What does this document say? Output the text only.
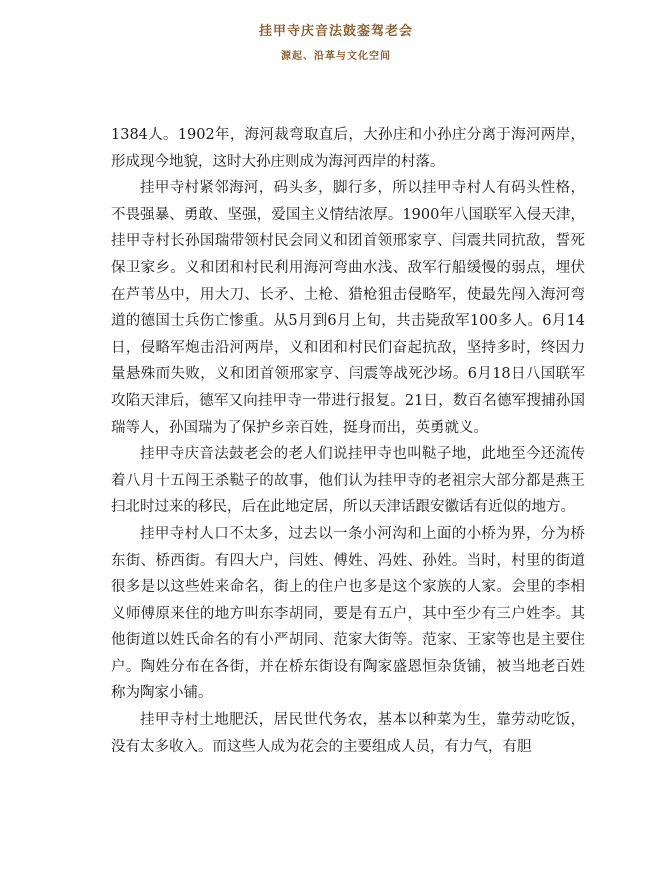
挂甲寺庆音法鼓銮驾老会
源起、沿革与文化空间

1384人。1902年，海河裁弯取直后，大孙庄和小孙庄分离于海河两岸，形成现今地貌，这时大孙庄则成为海河西岸的村落。

挂甲寺村紧邻海河，码头多，脚行多，所以挂甲寺村人有码头性格，不畏强暴、勇敢、坚强，爱国主义情结浓厚。1900年八国联军入侵天津，挂甲寺村长孙国瑞带领村民会同义和团首领邢家亨、闫震共同抗敌，誓死保卫家乡。义和团和村民利用海河弯曲水浅、敌军行船缓慢的弱点，埋伏在芦苇丛中，用大刀、长矛、土枪、猎枪狙击侵略军，使最先闯入海河弯道的德国士兵伤亡惨重。从5月到6月上旬，共击毙敌军100多人。6月14日，侵略军炮击沿河两岸，义和团和村民们奋起抗敌，坚持多时，终因力量悬殊而失败，义和团首领邢家亨、闫震等战死沙场。6月18日八国联军攻陷天津后，德军又向挂甲寺一带进行报复。21日，数百名德军搜捕孙国瑞等人，孙国瑞为了保护乡亲百姓，挺身而出，英勇就义。

挂甲寺庆音法鼓老会的老人们说挂甲寺也叫鞑子地，此地至今还流传着八月十五闯王杀鞑子的故事，他们认为挂甲寺的老祖宗大部分都是燕王扫北时过来的移民，后在此地定居，所以天津话跟安徽话有近似的地方。

挂甲寺村人口不太多，过去以一条小河沟和上面的小桥为界，分为桥东街、桥西街。有四大户，闫姓、傅姓、冯姓、孙姓。当时，村里的街道很多是以这些姓来命名，街上的住户也多是这个家族的人家。会里的李相义师傅原来住的地方叫东李胡同，要是有五户，其中至少有三户姓李。其他街道以姓氏命名的有小严胡同、范家大街等。范家、王家等也是主要住户。陶姓分布在各街，并在桥东街设有陶家盛恩恒杂货铺，被当地老百姓称为陶家小铺。

挂甲寺村土地肥沃，居民世代务农，基本以种菜为生，靠劳动吃饭，没有太多收入。而这些人成为花会的主要组成人员，有力气，有胆
